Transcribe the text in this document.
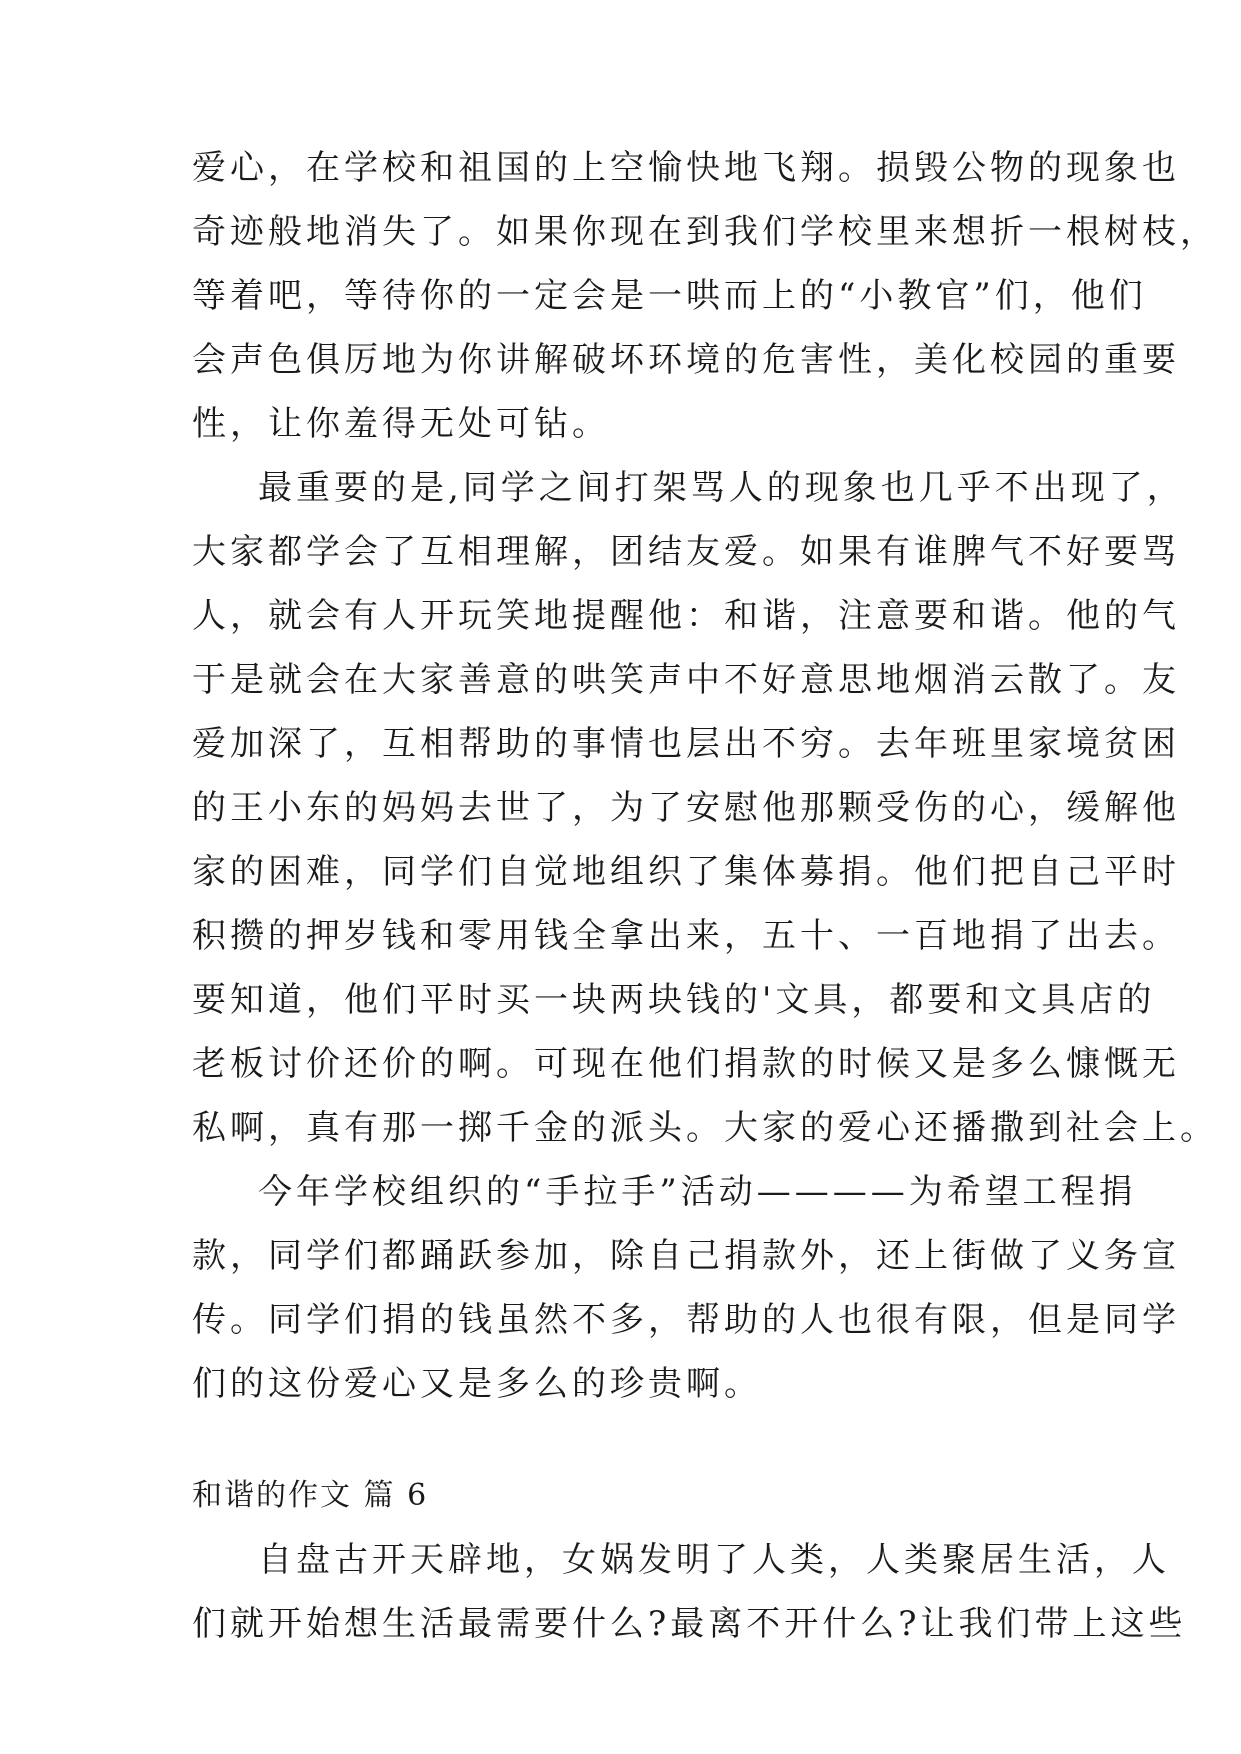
爱心，在学校和祖国的上空愉快地飞翔。损毁公物的现象也
奇迹般地消失了。如果你现在到我们学校里来想折一根树枝，
等着吧，等待你的一定会是一哄而上的“小教官”们，他们
会声色俱厉地为你讲解破坏环境的危害性，美化校园的重要
性，让你羞得无处可钻。
最重要的是,同学之间打架骂人的现象也几乎不出现了，
大家都学会了互相理解，团结友爱。如果有谁脾气不好要骂
人，就会有人开玩笑地提醒他：和谐，注意要和谐。他的气
于是就会在大家善意的哄笑声中不好意思地烟消云散了。友
爱加深了，互相帮助的事情也层出不穷。去年班里家境贫困
的王小东的妈妈去世了，为了安慰他那颗受伤的心，缓解他
家的困难，同学们自觉地组织了集体募捐。他们把自己平时
积攒的押岁钱和零用钱全拿出来，五十、一百地捐了出去。
要知道，他们平时买一块两块钱的'文具，都要和文具店的
老板讨价还价的啊。可现在他们捐款的时候又是多么慷慨无
私啊，真有那一掷千金的派头。大家的爱心还播撒到社会上。
今年学校组织的“手拉手”活动————为希望工程捐
款，同学们都踊跃参加，除自己捐款外，还上街做了义务宣
传。同学们捐的钱虽然不多，帮助的人也很有限，但是同学
们的这份爱心又是多么的珍贵啊。
和谐的作文 篇 6
自盘古开天辟地，女娲发明了人类，人类聚居生活，人
们就开始想生活最需要什么?最离不开什么?让我们带上这些
